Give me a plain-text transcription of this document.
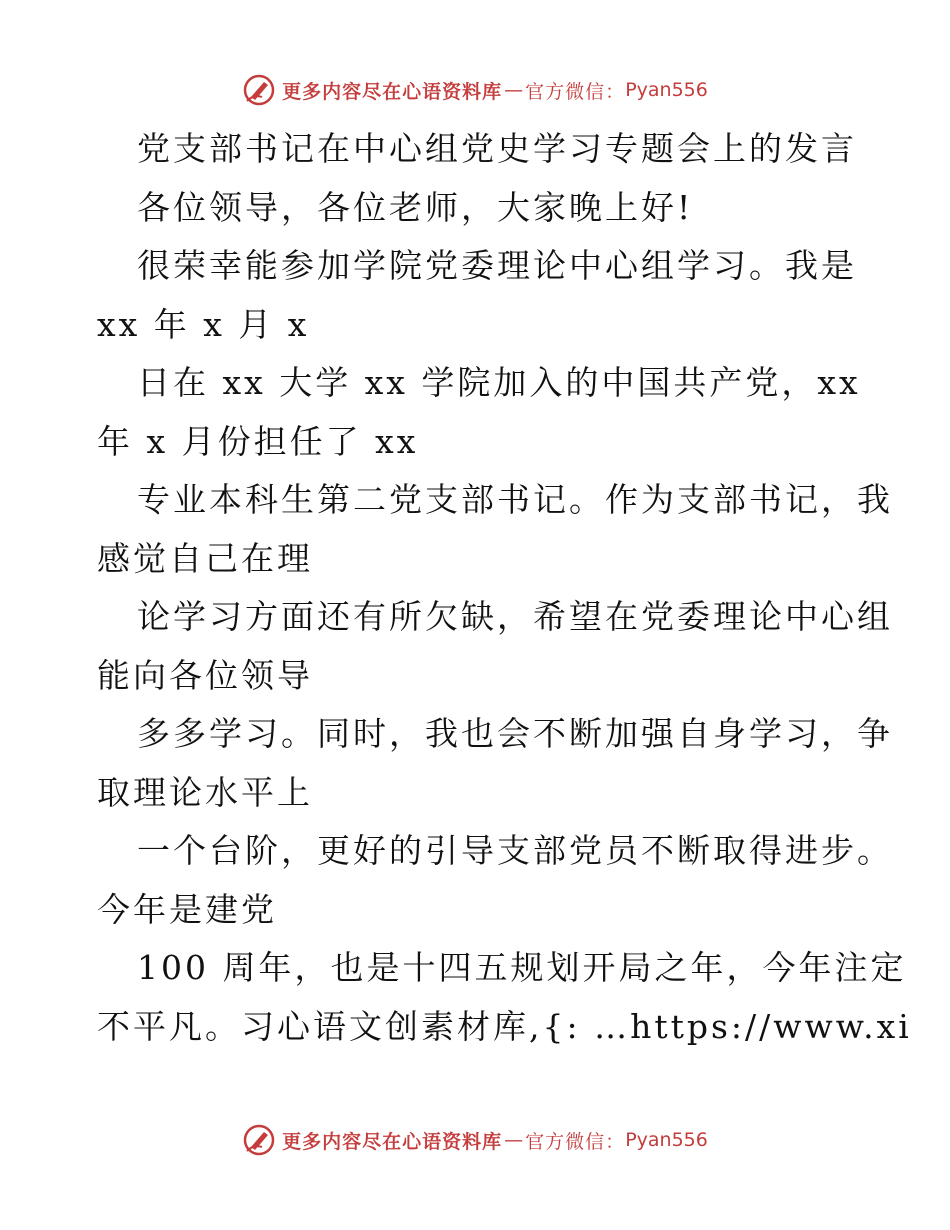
更多内容尽在心语资料库 — 官方微信： Pyan556

党支部书记在中心组党史学习专题会上的发言

各位领导，各位老师，大家晚上好!

很荣幸能参加学院党委理论中心组学习。我是

xx 年 x 月 x

日在 xx 大学 xx 学院加入的中国共产党，xx

年 x 月份担任了 xx

专业本科生第二党支部书记。作为支部书记，我

感觉自己在理

论学习方面还有所欠缺，希望在党委理论中心组

能向各位领导

多多学习。同时，我也会不断加强自身学习，争

取理论水平上

一个台阶，更好的引导支部党员不断取得进步。

今年是建党

100 周年，也是十四五规划开局之年，今年注定

不平凡。习心语文创素材库,{: …https://www.xi

更多内容尽在心语资料库 — 官方微信： Pyan556
